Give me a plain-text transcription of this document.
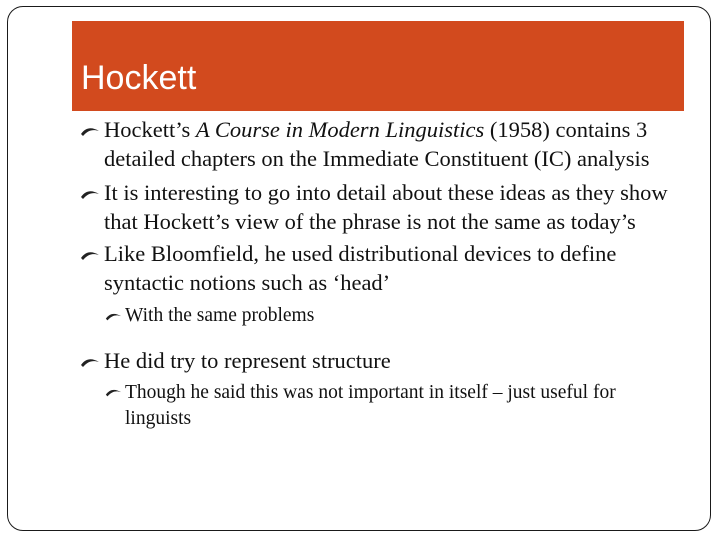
Hockett
Hockett’s A Course in Modern Linguistics (1958) contains 3 detailed chapters on the Immediate Constituent (IC) analysis
It is interesting to go into detail about these ideas as they show that Hockett’s view of the phrase is not the same as today’s
Like Bloomfield, he used distributional devices to define syntactic notions such as ‘head’
With the same problems
He did try to represent structure
Though he said this was not important in itself – just useful for linguists
